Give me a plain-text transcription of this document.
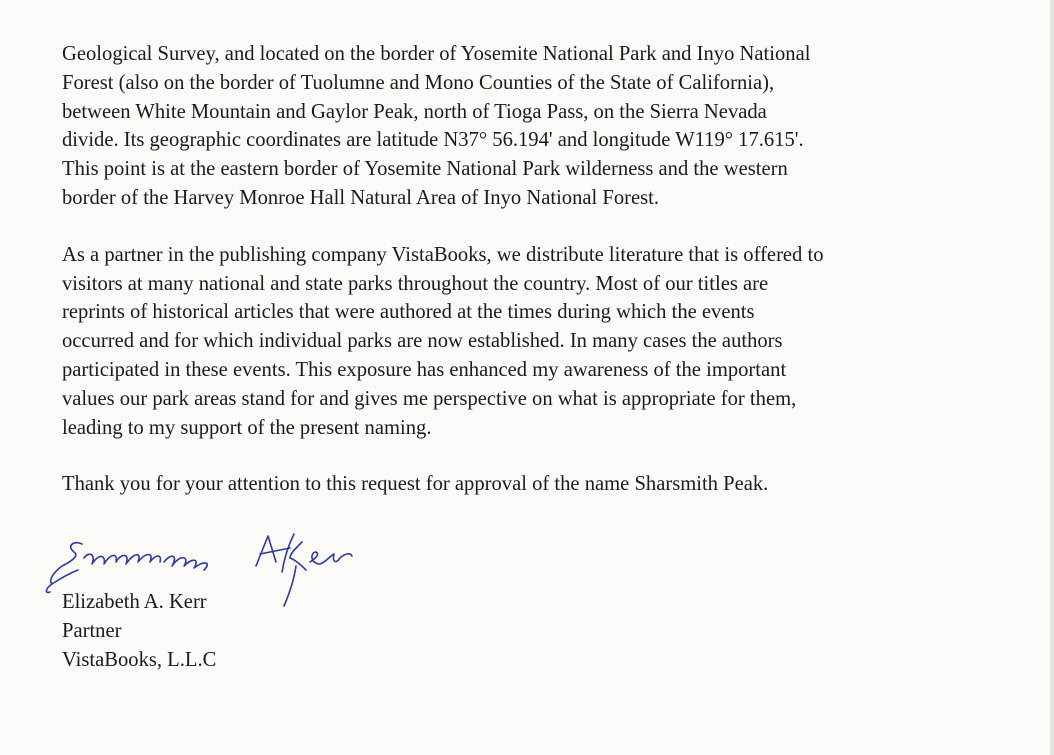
Geological Survey, and located on the border of Yosemite National Park and Inyo National
Forest (also on the border of Tuolumne and Mono Counties of the State of California),
between White Mountain and Gaylor Peak, north of Tioga Pass, on the Sierra Nevada
divide. Its geographic coordinates are latitude N37° 56.194' and longitude W119° 17.615'.
This point is at the eastern border of Yosemite National Park wilderness and the western
border of the Harvey Monroe Hall Natural Area of Inyo National Forest.

As a partner in the publishing company VistaBooks, we distribute literature that is offered to
visitors at many national and state parks throughout the country. Most of our titles are
reprints of historical articles that were authored at the times during which the events
occurred and for which individual parks are now established. In many cases the authors
participated in these events. This exposure has enhanced my awareness of the important
values our park areas stand for and gives me perspective on what is appropriate for them,
leading to my support of the present naming.

Thank you for your attention to this request for approval of the name Sharsmith Peak.

Elizabeth A. Kerr
Partner
VistaBooks, L.L.C
